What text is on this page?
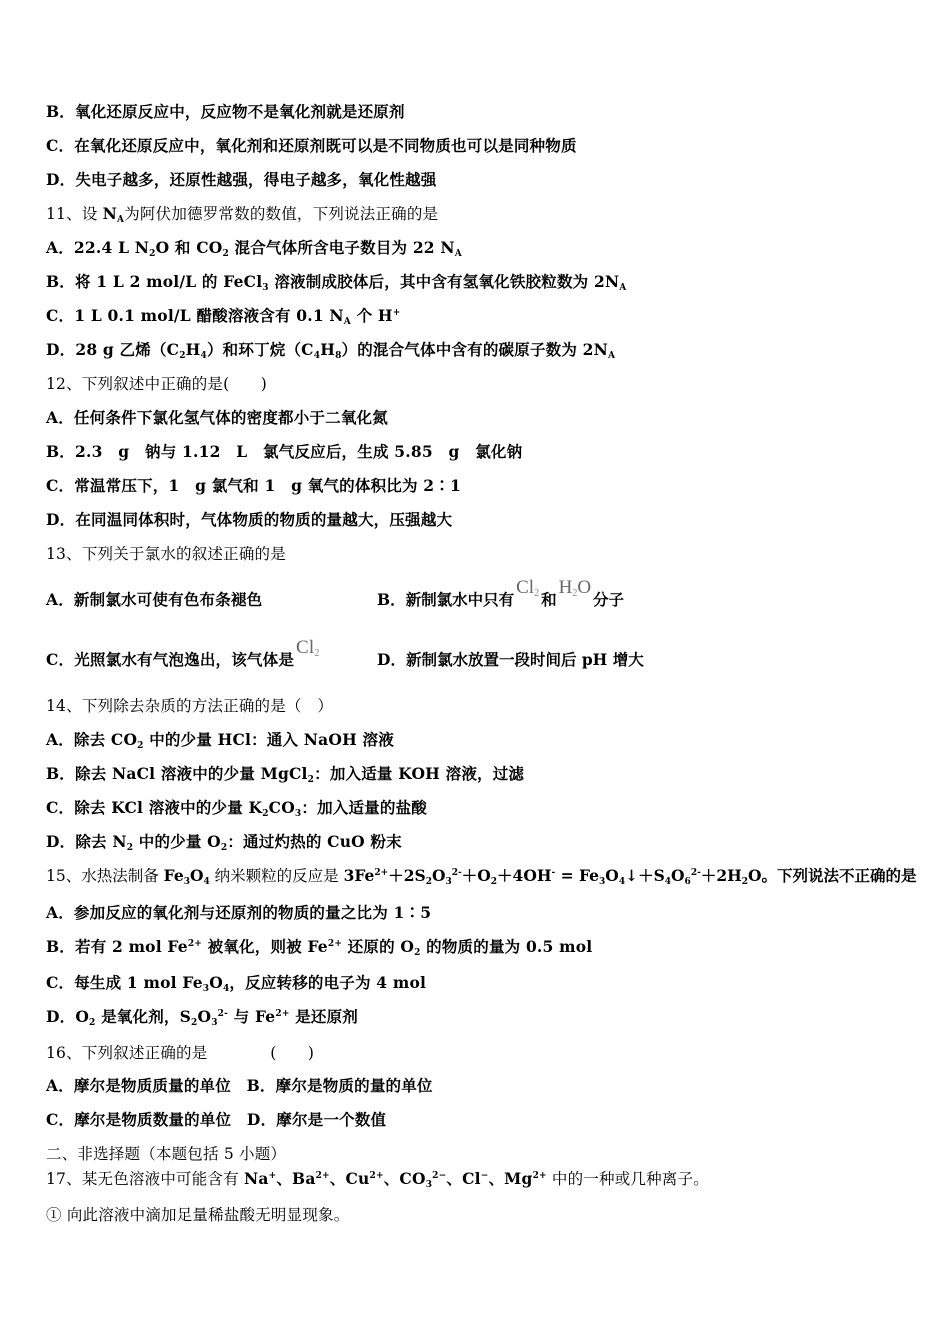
B．氧化还原反应中，反应物不是氧化剂就是还原剂
C．在氧化还原反应中，氧化剂和还原剂既可以是不同物质也可以是同种物质
D．失电子越多，还原性越强，得电子越多，氧化性越强
11、设 $N_A$为阿伏加德罗常数的数值，下列说法正确的是
A．22.4 L $N_2O$ 和 $CO_2$ 混合气体所含电子数目为 22 $N_A$
B．将 1 L 2 mol/L 的 FeCl$_3$ 溶液制成胶体后，其中含有氢氧化铁胶粒数为 $2N_A$
C．1 L 0.1 mol/L 醋酸溶液含有 0.1 $N_A$ 个 H+
D．28 g 乙烯$(C_2H_4)$和环丁烷$(C_4H_8)$的混合气体中含有的碳原子数为 $2N_A$
12、下列叙述中正确的是(　　)
A．任何条件下氯化氢气体的密度都小于二氧化氮
B．2.3　g　钠与 1.12　L　氯气反应后，生成 5.85　g　氯化钠
C．常温常压下，1　g 氯气和 1　g 氧气的体积比为 2∶1
D．在同温同体积时，气体物质的物质的量越大，压强越大
13、下列关于氯水的叙述正确的是
A．新制氯水可使有色布条褪色	B．新制氯水中只有$Cl_2$ 和$H_2O$分子
C．光照氯水有气泡逸出，该气体是$Cl_2$	D．新制氯水放置一段时间后 pH 增大
14、下列除去杂质的方法正确的是（　）
A．除去 $CO_2$ 中的少量 HCl：通入 NaOH 溶液
B．除去 NaCl 溶液中的少量 MgCl$_2$：加入适量 KOH 溶液，过滤
C．除去 KCl 溶液中的少量 $K_2CO_3$：加入适量的盐酸
D．除去 $N_2$ 中的少量 $O_2$：通过灼热的 CuO 粉末
15、水热法制备 $Fe_3O_4$ 纳米颗粒的反应是 $3Fe^{2+}+2S_2O_3^{2-}+O_2+4OH^-$ = $Fe_3O_4↓+S_4O_6^{2-}+2H_2O$。下列说法不正确的是
A．参加反应的氧化剂与还原剂的物质的量之比为 1∶5
B．若有 2 mol $Fe^{2+}$ 被氧化，则被 $Fe^{2+}$ 还原的 $O_2$ 的物质的量为 0.5 mol
C．每生成 1 mol $Fe_3O_4$，反应转移的电子为 4 mol
D．$O_2$ 是氧化剂，$S_2O_3^{2-}$ 与 $Fe^{2+}$ 是还原剂
16、下列叙述正确的是　　　　(　　)
A．摩尔是物质质量的单位　B．摩尔是物质的量的单位
C．摩尔是物质数量的单位　D．摩尔是一个数值
二、非选择题（本题包括 5 小题）
17、某无色溶液中可能含有 Na+、$Ba^{2+}$、$Cu^{2+}$、$CO_3^{2-}$、Cl−、$Mg^{2+}$ 中的一种或几种离子。
① 向此溶液中滴加足量稀盐酸无明显现象。
